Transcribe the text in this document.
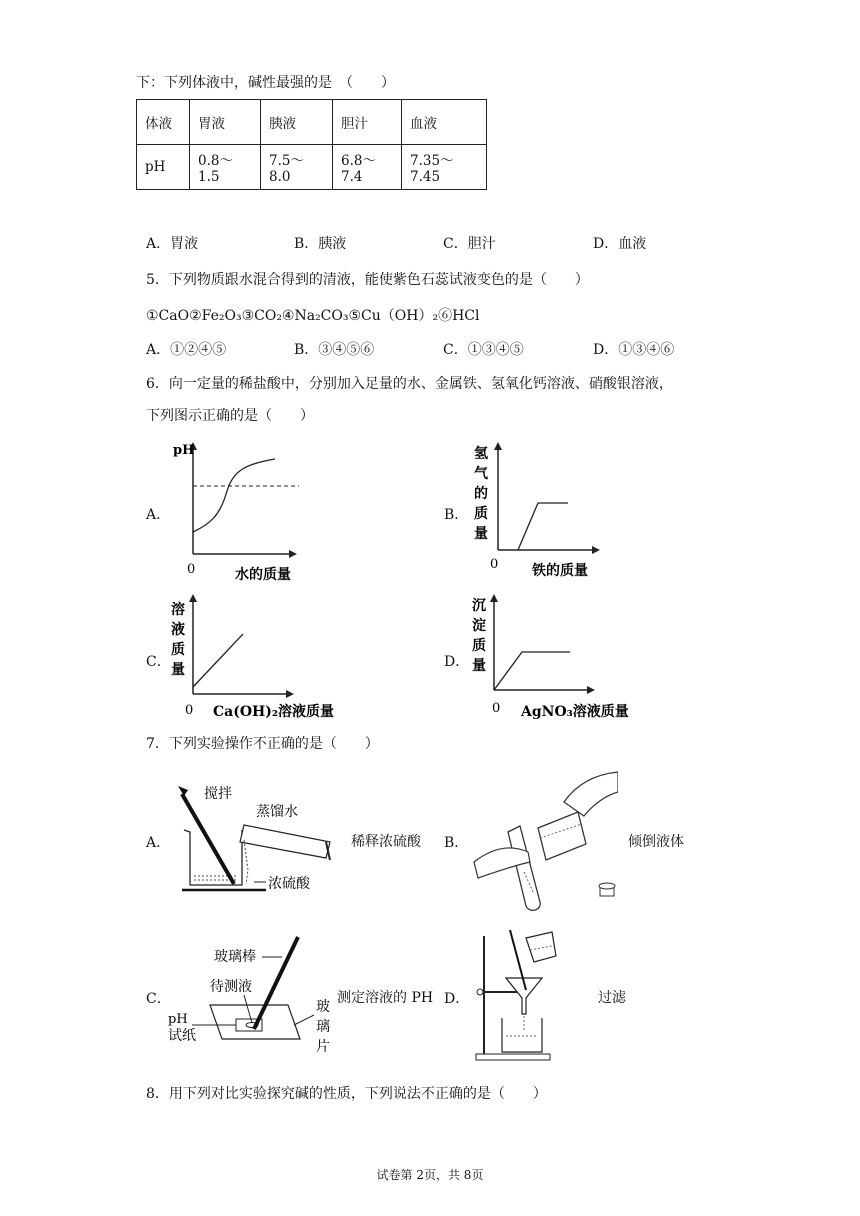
下：下列体液中，碱性最强的是　（　　）
体液	胃液	胰液	胆汁	血液
pH	0.8～1.5	7.5～8.0	6.8～7.4	7.35～7.45
A．胃液	B．胰液	C．胆汁	D．血液
5．下列物质跟水混合得到的清液，能使紫色石蕊试液变色的是（　　）
①CaO②Fe₂O₃③CO₂④Na₂CO₃⑤Cu（OH）₂⑥HCl
A．①②④⑤	B．③④⑤⑥	C．①③④⑤	D．①③④⑥
6．向一定量的稀盐酸中，分别加入足量的水、金属铁、氢氧化钙溶液、硝酸银溶液，
下列图示正确的是（　　）
A．
pH
0	水的质量
B．
氢
气
的
质
量
0 铁的质量
C．
溶
液
质
量
0 Ca(OH)₂溶液质量
D．
沉
淀
质
量
0 AgNO₃溶液质量
7．下列实验操作不正确的是（　　）
A．
搅拌
蒸馏水
浓硫酸
稀释浓硫酸 B．	倾倒液体
C．
玻璃棒
待测液
pH
试纸
玻
璃
片
测定溶液的 PH D．	过滤
8．用下列对比实验探究碱的性质，下列说法不正确的是（　　）
试卷第 2页，共 8页
